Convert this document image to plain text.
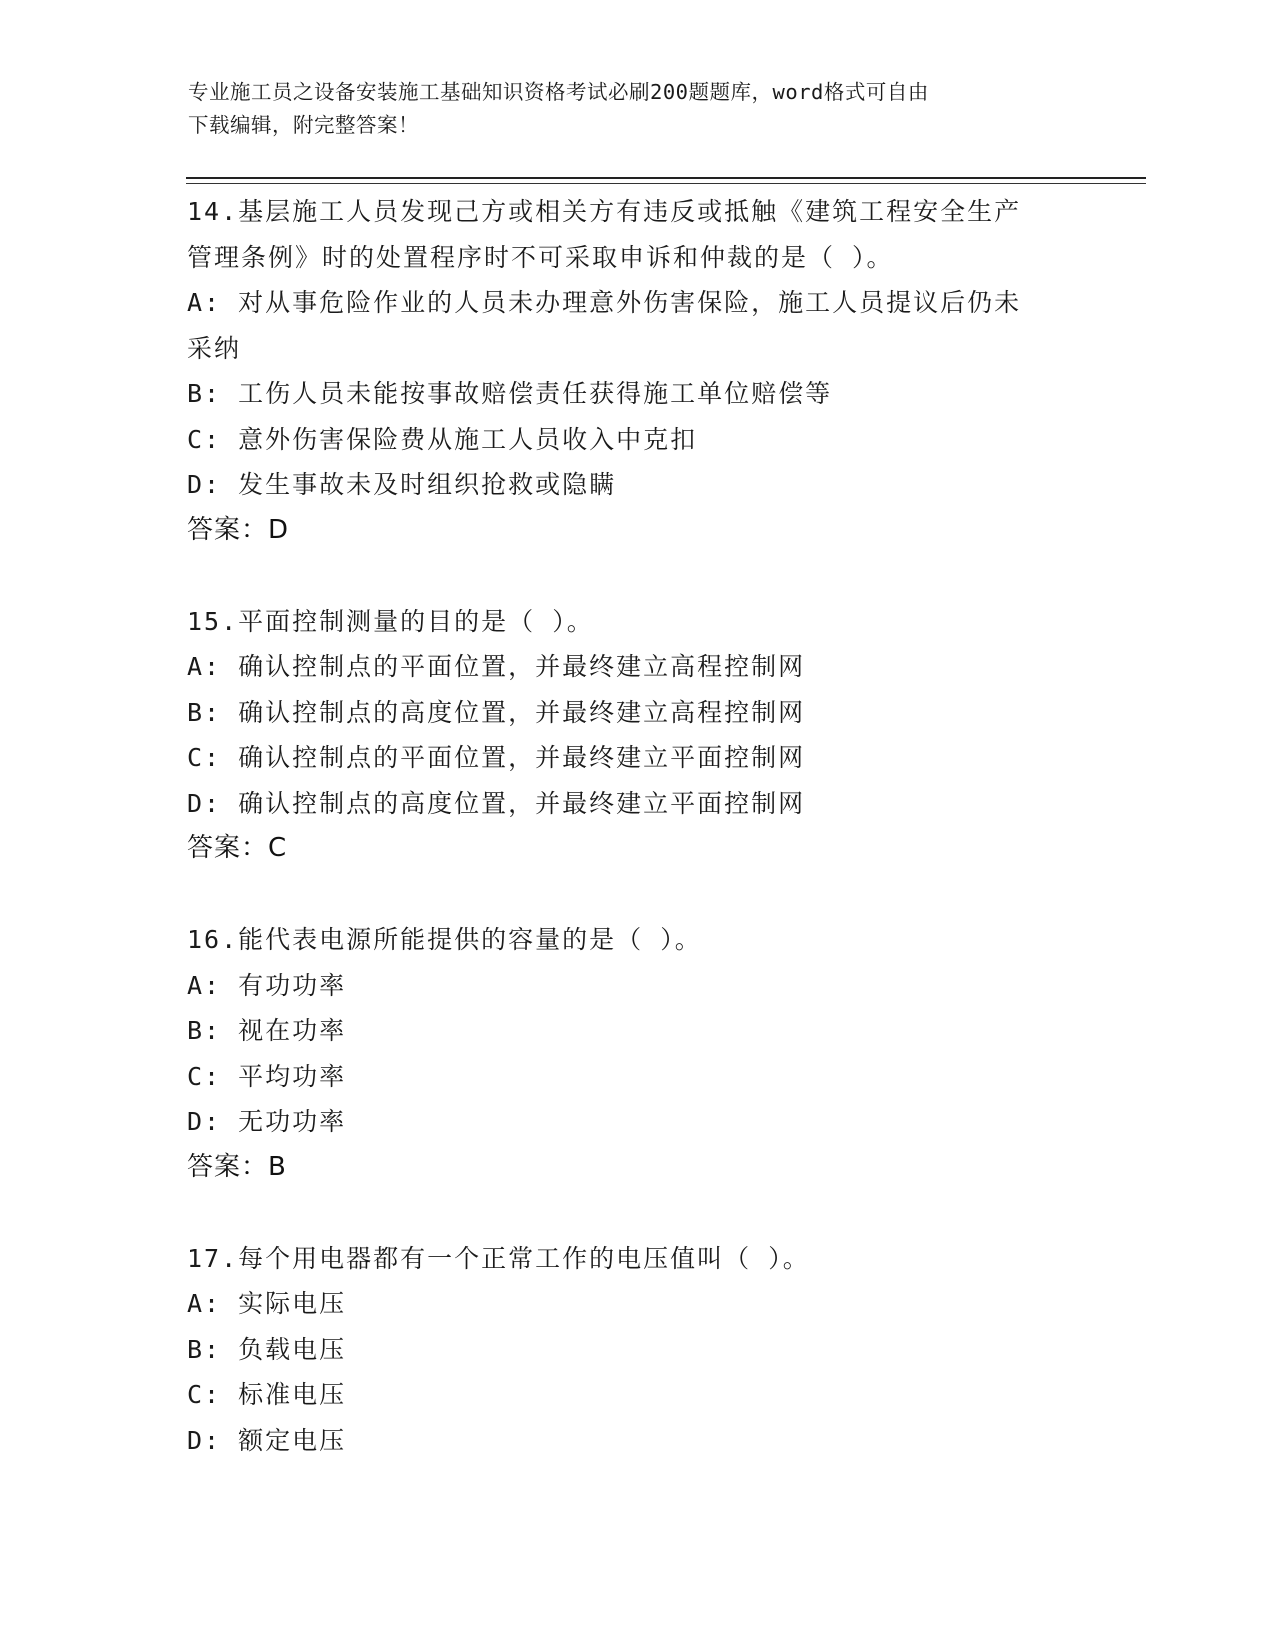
专业施工员之设备安装施工基础知识资格考试必刷200题题库，word格式可自由
下载编辑，附完整答案！
14.基层施工人员发现己方或相关方有违反或抵触《建筑工程安全生产
管理条例》时的处置程序时不可采取申诉和仲裁的是（ ）。
A: 对从事危险作业的人员未办理意外伤害保险，施工人员提议后仍未
采纳
B: 工伤人员未能按事故赔偿责任获得施工单位赔偿等
C: 意外伤害保险费从施工人员收入中克扣
D: 发生事故未及时组织抢救或隐瞒
答案：D
15.平面控制测量的目的是（ ）。
A: 确认控制点的平面位置，并最终建立高程控制网
B: 确认控制点的高度位置，并最终建立高程控制网
C: 确认控制点的平面位置，并最终建立平面控制网
D: 确认控制点的高度位置，并最终建立平面控制网
答案：C
16.能代表电源所能提供的容量的是（ ）。
A: 有功功率
B: 视在功率
C: 平均功率
D: 无功功率
答案：B
17.每个用电器都有一个正常工作的电压值叫（ ）。
A: 实际电压
B: 负载电压
C: 标准电压
D: 额定电压
